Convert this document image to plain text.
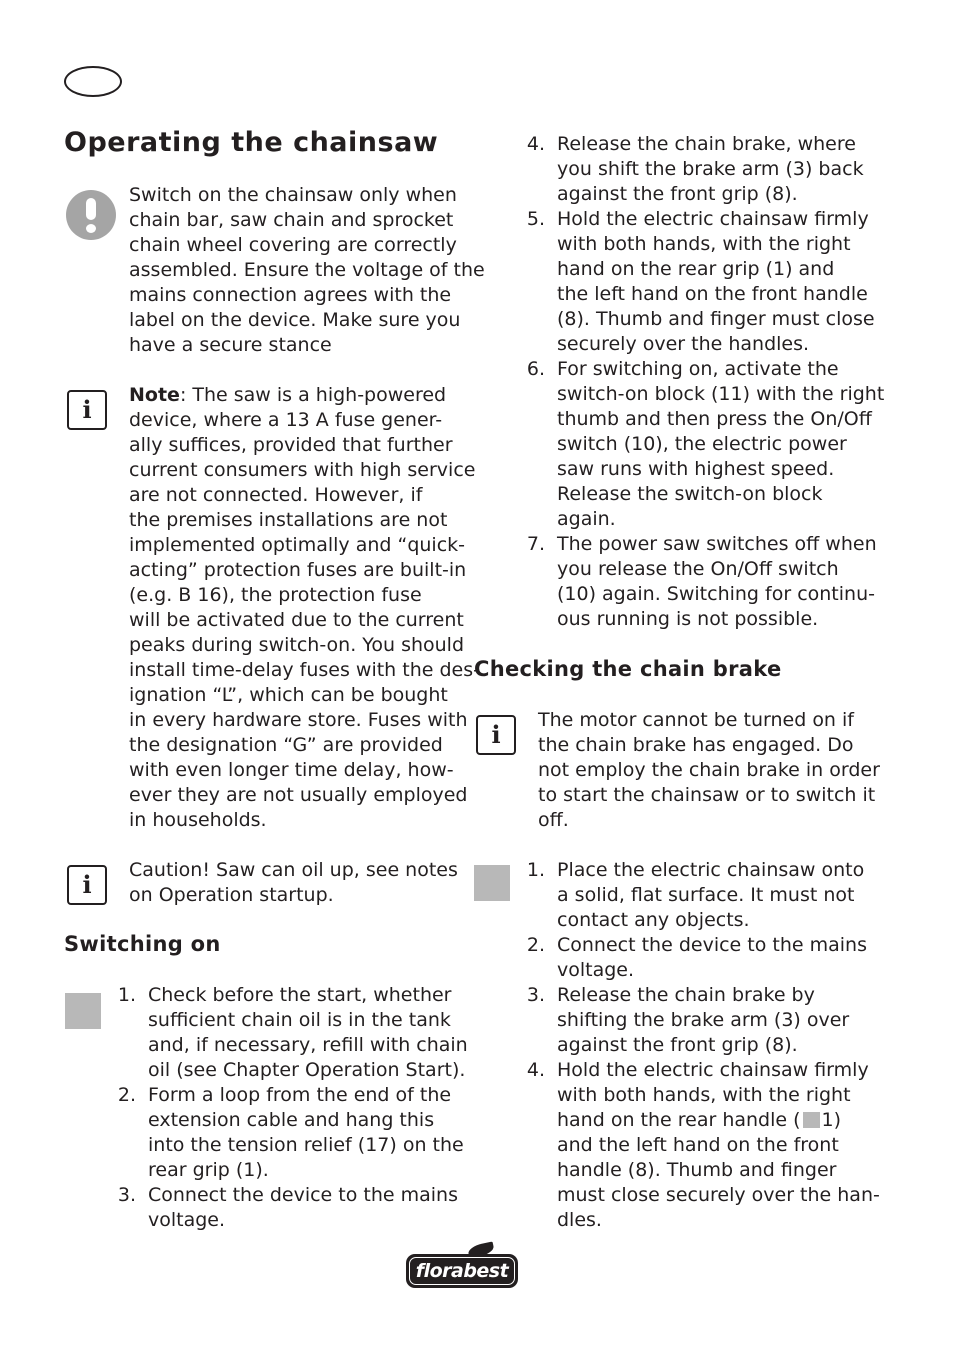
Operating the chainsaw
Switch on the chainsaw only when
chain bar, saw chain and sprocket
chain wheel covering are correctly
assembled. Ensure the voltage of the
mains connection agrees with the
label on the device. Make sure you
have a secure stance
i	Note: The saw is a high-powered
device, where a 13 A fuse gener-
ally suffices, provided that further
current consumers with high service
are not connected. However, if
the premises installations are not
implemented optimally and “quick-
acting” protection fuses are built-in
(e.g. B 16), the protection fuse
will be activated due to the current
peaks during switch-on. You should
install time-delay fuses with the des-
ignation “L”, which can be bought
in every hardware store. Fuses with
the designation “G” are provided
with even longer time delay, how-
ever they are not usually employed
in households.
i	Caution! Saw can oil up, see notes
on Operation startup.
Switching on
1. Check before the start, whether
sufficient chain oil is in the tank
and, if necessary, refill with chain
oil (see Chapter Operation Start).
2. Form a loop from the end of the
extension cable and hang this
into the tension relief (17) on the
rear grip (1).
3. Connect the device to the mains
voltage.
4. Release the chain brake, where
you shift the brake arm (3) back
against the front grip (8).
5. Hold the electric chainsaw firmly
with both hands, with the right
hand on the rear grip (1) and
the left hand on the front handle
(8). Thumb and finger must close
securely over the handles.
6. For switching on, activate the
switch-on block (11) with the right
thumb and then press the On/Off
switch (10), the electric power
saw runs with highest speed.
Release the switch-on block
again.
7. The power saw switches off when
you release the On/Off switch
(10) again. Switching for continu-
ous running is not possible.
Checking the chain brake
i	The motor cannot be turned on if
the chain brake has engaged. Do
not employ the chain brake in order
to start the chainsaw or to switch it
off.
1. Place the electric chainsaw onto
a solid, flat surface. It must not
contact any objects.
2. Connect the device to the mains
voltage.
3. Release the chain brake by
shifting the brake arm (3) over
against the front grip (8).
4. Hold the electric chainsaw firmly
with both hands, with the right
hand on the rear handle ( 1)
and the left hand on the front
handle (8). Thumb and finger
must close securely over the han-
dles.
florabest
